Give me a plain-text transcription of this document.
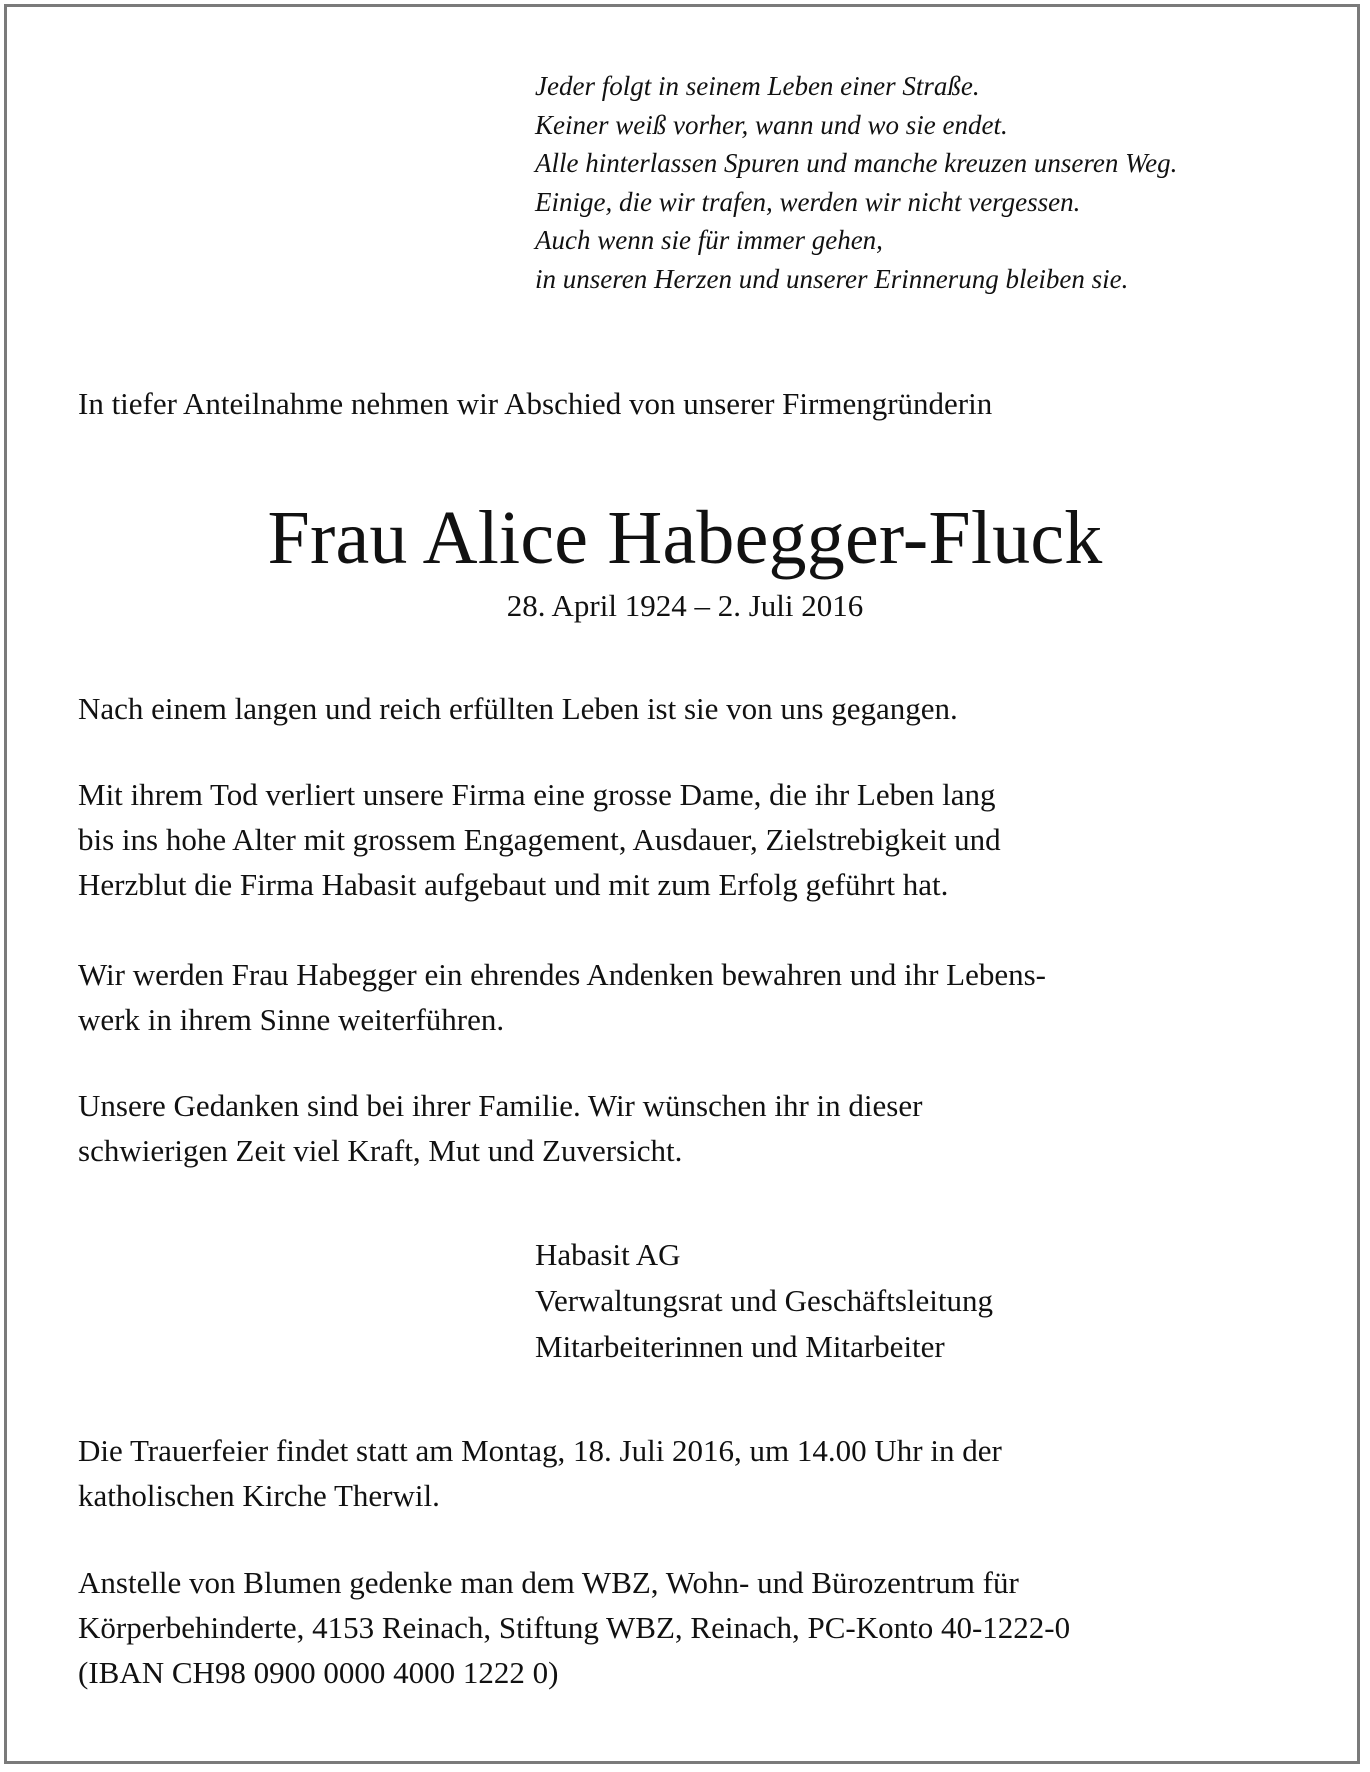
Jeder folgt in seinem Leben einer Straße.
Keiner weiß vorher, wann und wo sie endet.
Alle hinterlassen Spuren und manche kreuzen unseren Weg.
Einige, die wir trafen, werden wir nicht vergessen.
Auch wenn sie für immer gehen,
in unseren Herzen und unserer Erinnerung bleiben sie.
In tiefer Anteilnahme nehmen wir Abschied von unserer Firmengründerin
Frau Alice Habegger-Fluck
28. April 1924 – 2. Juli 2016
Nach einem langen und reich erfüllten Leben ist sie von uns gegangen.
Mit ihrem Tod verliert unsere Firma eine grosse Dame, die ihr Leben lang
bis ins hohe Alter mit grossem Engagement, Ausdauer, Zielstrebigkeit und
Herzblut die Firma Habasit aufgebaut und mit zum Erfolg geführt hat.
Wir werden Frau Habegger ein ehrendes Andenken bewahren und ihr Lebens-
werk in ihrem Sinne weiterführen.
Unsere Gedanken sind bei ihrer Familie. Wir wünschen ihr in dieser
schwierigen Zeit viel Kraft, Mut und Zuversicht.
Habasit AG
Verwaltungsrat und Geschäftsleitung
Mitarbeiterinnen und Mitarbeiter
Die Trauerfeier findet statt am Montag, 18. Juli 2016, um 14.00 Uhr in der
katholischen Kirche Therwil.
Anstelle von Blumen gedenke man dem WBZ, Wohn- und Bürozentrum für
Körperbehinderte, 4153 Reinach, Stiftung WBZ, Reinach, PC-Konto 40-1222-0
(IBAN CH98 0900 0000 4000 1222 0)
